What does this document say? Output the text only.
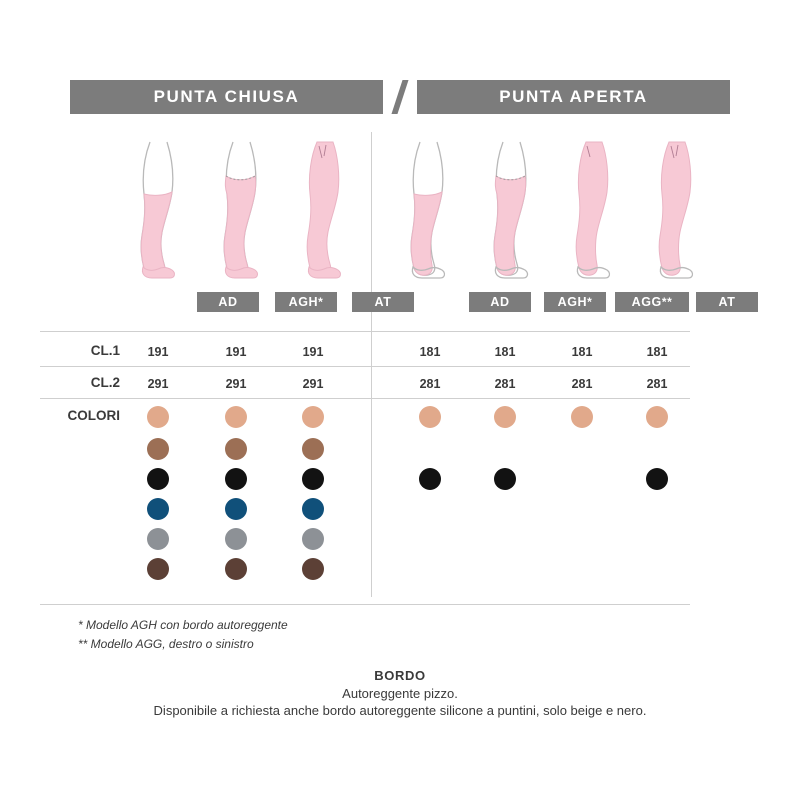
PUNTA CHIUSA	PUNTA APERTA
AD	AGH *	AT	AD	AGH *	AGG **	AT
CL.1	191	191	191	181	181	181	181
CL.2	291	291	291	281	281	281	281
COLORI
* Modello AGH con bordo autoreggente
** Modello AGG, destro o sinistro
BORDO
Autoreggente pizzo.
Disponibile a richiesta anche bordo autoreggente silicone a puntini, solo beige e nero.
